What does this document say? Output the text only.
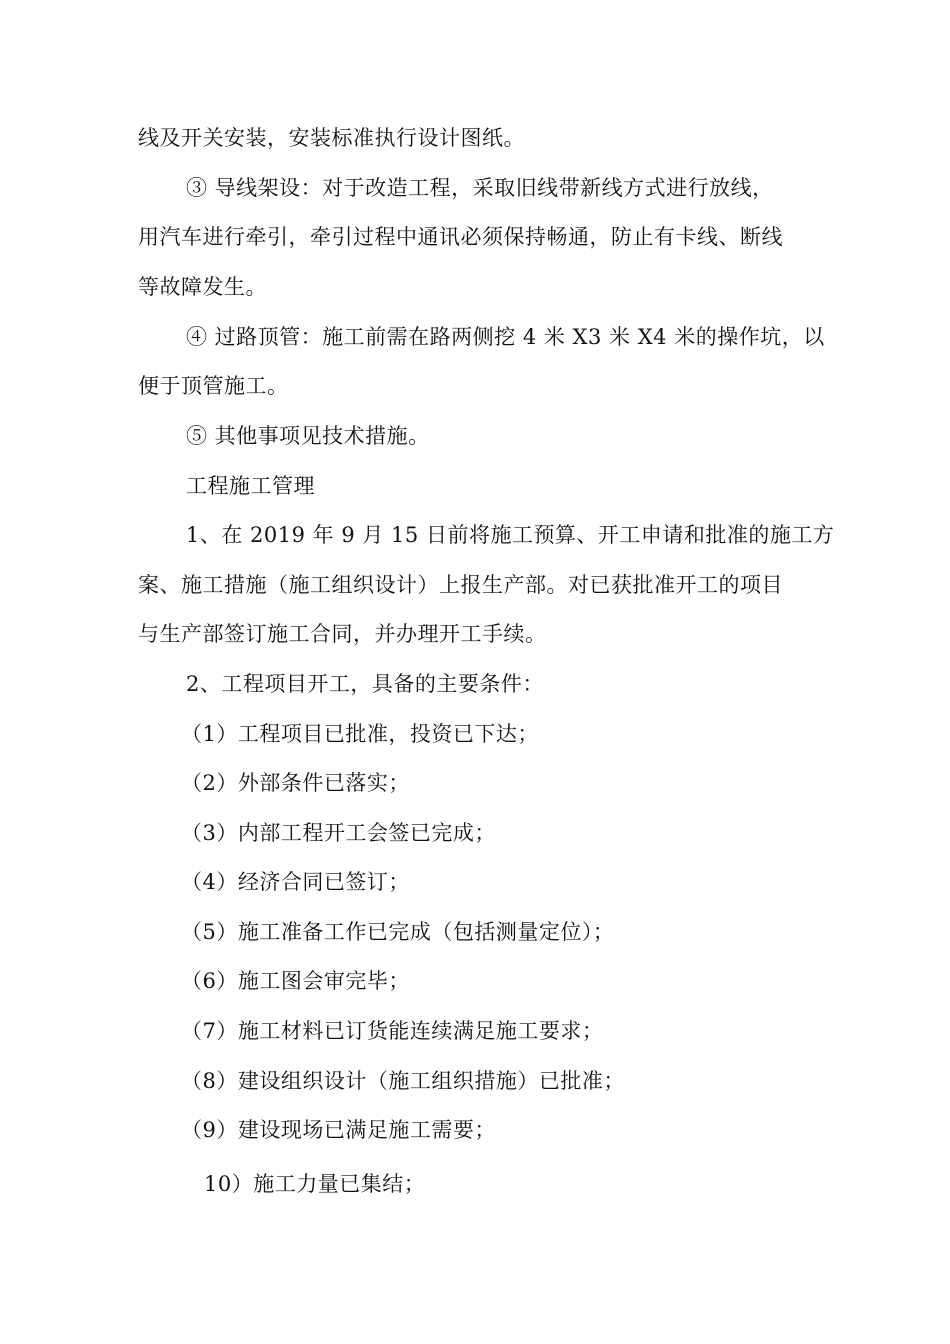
线及开关安装，安装标准执行设计图纸。

③ 导线架设：对于改造工程，采取旧线带新线方式进行放线，

用汽车进行牵引，牵引过程中通讯必须保持畅通，防止有卡线、断线

等故障发生。

④ 过路顶管：施工前需在路两侧挖 4 米 X3 米 X4 米的操作坑，以

便于顶管施工。

⑤ 其他事项见技术措施。

工程施工管理

1、在 2019 年 9 月 15 日前将施工预算、开工申请和批准的施工方

案、施工措施（施工组织设计）上报生产部。对已获批准开工的项目

与生产部签订施工合同，并办理开工手续。

2、工程项目开工，具备的主要条件：

（1）工程项目已批准，投资已下达；

（2）外部条件已落实；

（3）内部工程开工会签已完成；

（4）经济合同已签订；

（5）施工准备工作已完成（包括测量定位）；

（6）施工图会审完毕；

（7）施工材料已订货能连续满足施工要求；

（8）建设组织设计（施工组织措施）已批准；

（9）建设现场已满足施工需要；

10）施工力量已集结；
